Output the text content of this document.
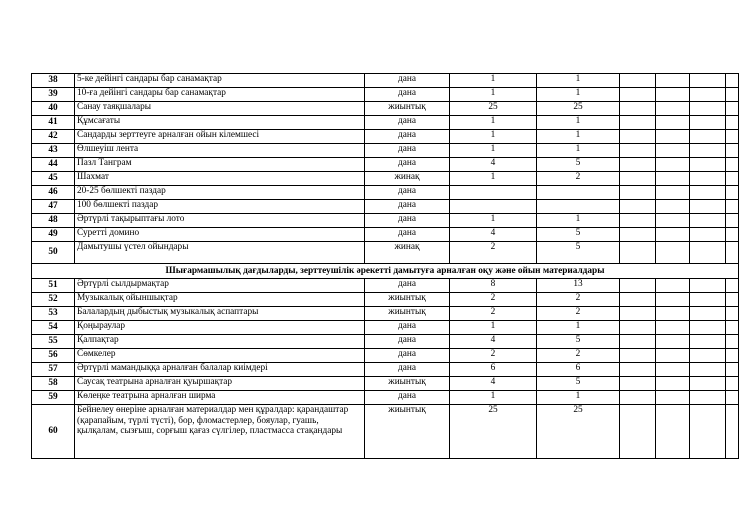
38	5-ке дейінгі сандары бар санамақтар	дана	1	1				
39	10-ға дейінгі сандары бар санамақтар	дана	1	1				
40	Санау таяқшалары	жиынтық	25	25				
41	Құмсағаты	дана	1	1				
42	Сандарды зерттеуге арналған ойын кілемшесі	дана	1	1				
43	Өлшеуіш лента	дана	1	1				
44	Пазл Танграм	дана	4	5				
45	Шахмат	жинақ	1	2				
46	20-25 бөлшекті паздар	дана						
47	100 бөлшекті паздар	дана						
48	Әртүрлі тақырыптағы лото	дана	1	1				
49	Суретті домино	дана	4	5				
50	Дамытушы үстел ойындары	жинақ	2	5				
Шығармашылық дағдыларды, зерттеушілік әрекетті дамытуға арналған оқу және ойын материалдары								
51	Әртүрлі сылдырмақтар	дана	8	13				
52	Музыкалық ойыншықтар	жиынтық	2	2				
53	Балалардың дыбыстық музыкалық аспаптары	жиынтық	2	2				
54	Қоңыраулар	дана	1	1				
55	Қалпақтар	дана	4	5				
56	Сөмкелер	дана	2	2				
57	Әртүрлі мамандыққа арналған балалар киімдері	дана	6	6				
58	Саусақ театрына арналған қуыршақтар	жиынтық	4	5				
59	Көлеңке театрына арналған ширма	дана	1	1				
60	Бейнелеу өнеріне арналған материалдар мен құралдар: қарандаштар (қарапайым, түрлі түсті), бор, фломастерлер, бояулар, гуашь, қылқалам, сызғыш, сорғыш қағаз сүлгілер, пластмасса стақандары	жиынтық	25	25				
